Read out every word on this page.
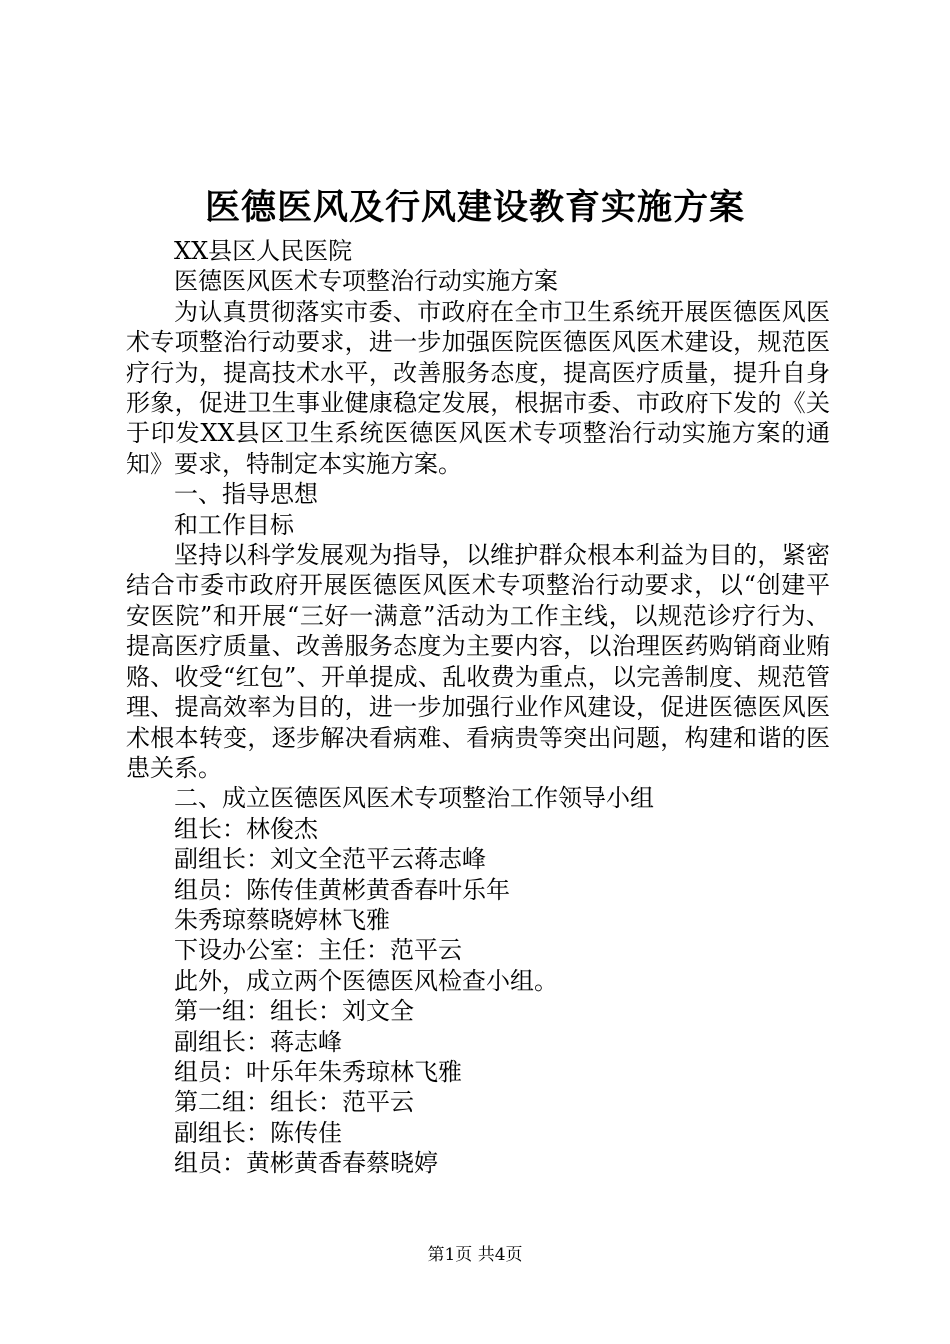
医德医风及行风建设教育实施方案

XX县区人民医院

医德医风医术专项整治行动实施方案

为认真贯彻落实市委、市政府在全市卫生系统开展医德医风医术专项整治行动要求，进一步加强医院医德医风医术建设，规范医疗行为，提高技术水平，改善服务态度，提高医疗质量，提升自身形象，促进卫生事业健康稳定发展，根据市委、市政府下发的《关于印发XX县区卫生系统医德医风医术专项整治行动实施方案的通知》要求，特制定本实施方案。

一、指导思想

和工作目标

坚持以科学发展观为指导，以维护群众根本利益为目的，紧密结合市委市政府开展医德医风医术专项整治行动要求，以“创建平安医院”和开展“三好一满意”活动为工作主线，以规范诊疗行为、提高医疗质量、改善服务态度为主要内容，以治理医药购销商业贿赂、收受“红包”、开单提成、乱收费为重点，以完善制度、规范管理、提高效率为目的，进一步加强行业作风建设，促进医德医风医术根本转变，逐步解决看病难、看病贵等突出问题，构建和谐的医患关系。

二、成立医德医风医术专项整治工作领导小组

组长：林俊杰

副组长：刘文全范平云蒋志峰

组员：陈传佳黄彬黄香春叶乐年

朱秀琼蔡晓婷林飞雅

下设办公室：主任：范平云

此外，成立两个医德医风检查小组。

第一组：组长：刘文全

副组长：蒋志峰

组员：叶乐年朱秀琼林飞雅

第二组：组长：范平云

副组长：陈传佳

组员：黄彬黄香春蔡晓婷

第1页 共4页
